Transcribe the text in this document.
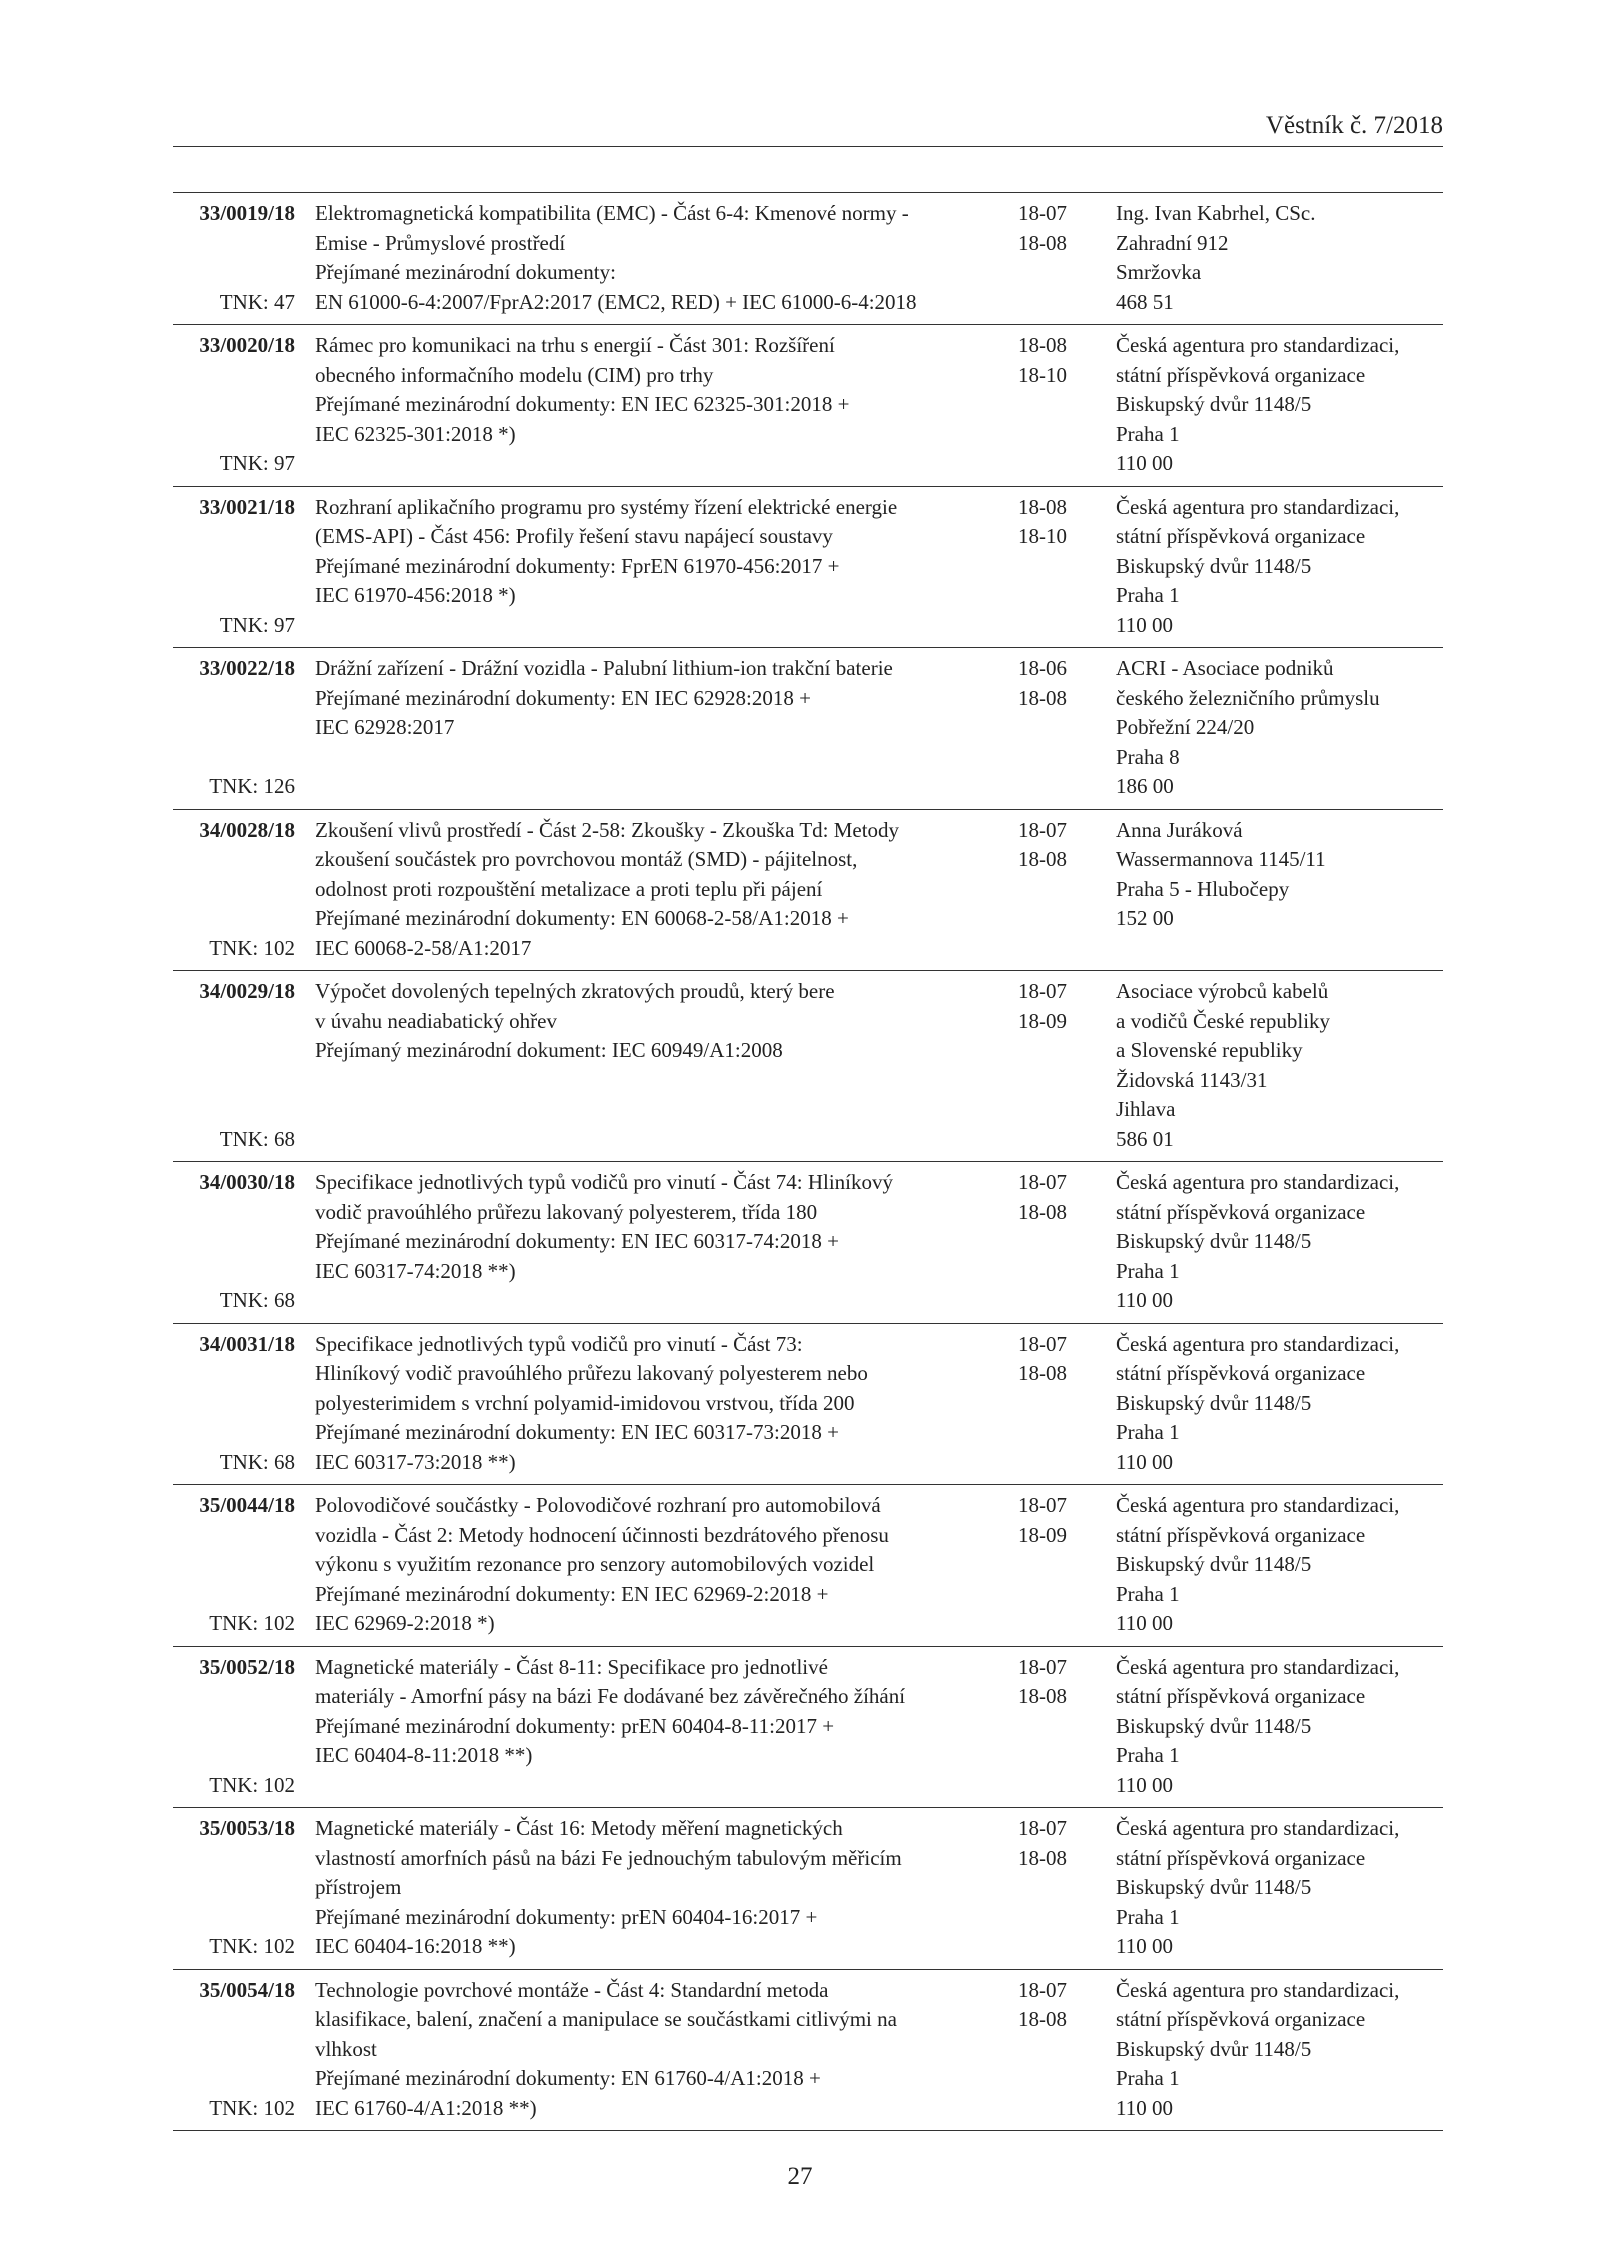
Věstník č. 7/2018
33/0019/18
TNK: 47
Elektromagnetická kompatibilita (EMC) - Část 6-4: Kmenové normy -
Emise - Průmyslové prostředí
Přejímané mezinárodní dokumenty:
EN 61000-6-4:2007/FprA2:2017 (EMC2, RED) + IEC 61000-6-4:2018
18-07
18-08
Ing. Ivan Kabrhel, CSc.
Zahradní 912
Smržovka
468 51
33/0020/18
TNK: 97
Rámec pro komunikaci na trhu s energií - Část 301: Rozšíření
obecného informačního modelu (CIM) pro trhy
Přejímané mezinárodní dokumenty: EN IEC 62325-301:2018 +
IEC 62325-301:2018 *)
18-08
18-10
Česká agentura pro standardizaci,
státní příspěvková organizace
Biskupský dvůr 1148/5
Praha 1
110 00
33/0021/18
TNK: 97
Rozhraní aplikačního programu pro systémy řízení elektrické energie
(EMS-API) - Část 456: Profily řešení stavu napájecí soustavy
Přejímané mezinárodní dokumenty: FprEN 61970-456:2017 +
IEC 61970-456:2018 *)
18-08
18-10
Česká agentura pro standardizaci,
státní příspěvková organizace
Biskupský dvůr 1148/5
Praha 1
110 00
33/0022/18
TNK: 126
Drážní zařízení - Drážní vozidla - Palubní lithium-ion trakční baterie
Přejímané mezinárodní dokumenty: EN IEC 62928:2018 +
IEC 62928:2017
18-06
18-08
ACRI - Asociace podniků
českého železničního průmyslu
Pobřežní 224/20
Praha 8
186 00
34/0028/18
TNK: 102
Zkoušení vlivů prostředí - Část 2-58: Zkoušky - Zkouška Td: Metody
zkoušení součástek pro povrchovou montáž (SMD) - pájitelnost,
odolnost proti rozpouštění metalizace a proti teplu při pájení
Přejímané mezinárodní dokumenty: EN 60068-2-58/A1:2018 +
IEC 60068-2-58/A1:2017
18-07
18-08
Anna Juráková
Wassermannova 1145/11
Praha 5 - Hlubočepy
152 00
34/0029/18
TNK: 68
Výpočet dovolených tepelných zkratových proudů, který bere
v úvahu neadiabatický ohřev
Přejímaný mezinárodní dokument: IEC 60949/A1:2008
18-07
18-09
Asociace výrobců kabelů
a vodičů České republiky
a Slovenské republiky
Židovská 1143/31
Jihlava
586 01
34/0030/18
TNK: 68
Specifikace jednotlivých typů vodičů pro vinutí - Část 74: Hliníkový
vodič pravoúhlého průřezu lakovaný polyesterem, třída 180
Přejímané mezinárodní dokumenty: EN IEC 60317-74:2018 +
IEC 60317-74:2018 **)
18-07
18-08
Česká agentura pro standardizaci,
státní příspěvková organizace
Biskupský dvůr 1148/5
Praha 1
110 00
34/0031/18
TNK: 68
Specifikace jednotlivých typů vodičů pro vinutí - Část 73:
Hliníkový vodič pravoúhlého průřezu lakovaný polyesterem nebo
polyesterimidem s vrchní polyamid-imidovou vrstvou, třída 200
Přejímané mezinárodní dokumenty: EN IEC 60317-73:2018 +
IEC 60317-73:2018 **)
18-07
18-08
Česká agentura pro standardizaci,
státní příspěvková organizace
Biskupský dvůr 1148/5
Praha 1
110 00
35/0044/18
TNK: 102
Polovodičové součástky - Polovodičové rozhraní pro automobilová
vozidla - Část 2: Metody hodnocení účinnosti bezdrátového přenosu
výkonu s využitím rezonance pro senzory automobilových vozidel
Přejímané mezinárodní dokumenty: EN IEC 62969-2:2018 +
IEC 62969-2:2018 *)
18-07
18-09
Česká agentura pro standardizaci,
státní příspěvková organizace
Biskupský dvůr 1148/5
Praha 1
110 00
35/0052/18
TNK: 102
Magnetické materiály - Část 8-11: Specifikace pro jednotlivé
materiály - Amorfní pásy na bázi Fe dodávané bez závěrečného žíhání
Přejímané mezinárodní dokumenty: prEN 60404-8-11:2017 +
IEC 60404-8-11:2018 **)
18-07
18-08
Česká agentura pro standardizaci,
státní příspěvková organizace
Biskupský dvůr 1148/5
Praha 1
110 00
35/0053/18
TNK: 102
Magnetické materiály - Část 16: Metody měření magnetických
vlastností amorfních pásů na bázi Fe jednouchým tabulovým měřicím
přístrojem
Přejímané mezinárodní dokumenty: prEN 60404-16:2017 +
IEC 60404-16:2018 **)
18-07
18-08
Česká agentura pro standardizaci,
státní příspěvková organizace
Biskupský dvůr 1148/5
Praha 1
110 00
35/0054/18
TNK: 102
Technologie povrchové montáže - Část 4: Standardní metoda
klasifikace, balení, značení a manipulace se součástkami citlivými na
vlhkost
Přejímané mezinárodní dokumenty: EN 61760-4/A1:2018 +
IEC 61760-4/A1:2018 **)
18-07
18-08
Česká agentura pro standardizaci,
státní příspěvková organizace
Biskupský dvůr 1148/5
Praha 1
110 00
27
